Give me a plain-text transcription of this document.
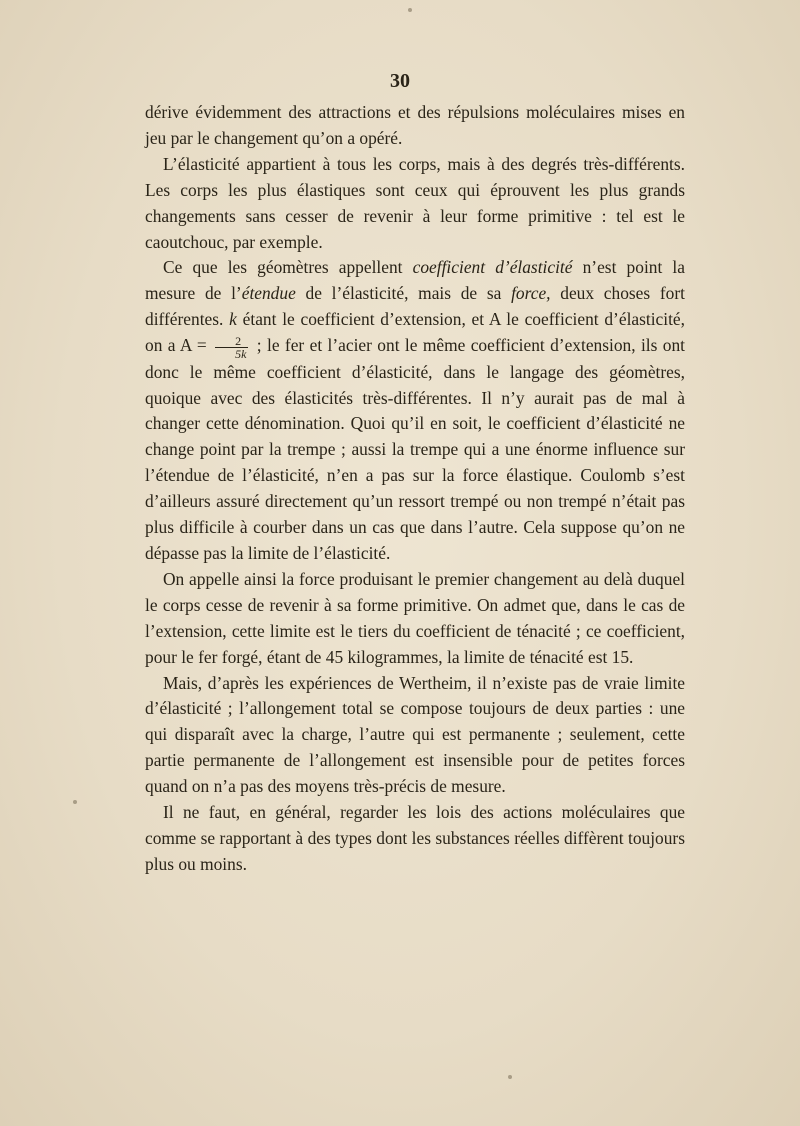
30

dérive évidemment des attractions et des répulsions moléculaires mises en jeu par le changement qu’on a opéré.

L’élasticité appartient à tous les corps, mais à des degrés très-différents. Les corps les plus élastiques sont ceux qui éprouvent les plus grands changements sans cesser de revenir à leur forme primitive : tel est le caoutchouc, par exemple.

Ce que les géomètres appellent coefficient d’élasticité n’est point la mesure de l’étendue de l’élasticité, mais de sa force, deux choses fort différentes. k étant le coefficient d’extension, et A le coefficient d’élasticité, on a $A = \frac{2}{5k}$ ; le fer et l’acier ont le même coefficient d’extension, ils ont donc le même coefficient d’élasticité, dans le langage des géomètres, quoique avec des élasticités très-différentes. Il n’y aurait pas de mal à changer cette dénomination. Quoi qu’il en soit, le coefficient d’élasticité ne change point par la trempe ; aussi la trempe qui a une énorme influence sur l’étendue de l’élasticité, n’en a pas sur la force élastique. Coulomb s’est d’ailleurs assuré directement qu’un ressort trempé ou non trempé n’était pas plus difficile à courber dans un cas que dans l’autre. Cela suppose qu’on ne dépasse pas la limite de l’élasticité.

On appelle ainsi la force produisant le premier changement au delà duquel le corps cesse de revenir à sa forme primitive. On admet que, dans le cas de l’extension, cette limite est le tiers du coefficient de ténacité ; ce coefficient, pour le fer forgé, étant de 45 kilogrammes, la limite de ténacité est 15.

Mais, d’après les expériences de Wertheim, il n’existe pas de vraie limite d’élasticité ; l’allongement total se compose toujours de deux parties : une qui disparaît avec la charge, l’autre qui est permanente ; seulement, cette partie permanente de l’allongement est insensible pour de petites forces quand on n’a pas des moyens très-précis de mesure.

Il ne faut, en général, regarder les lois des actions moléculaires que comme se rapportant à des types dont les substances réelles diffèrent toujours plus ou moins.
